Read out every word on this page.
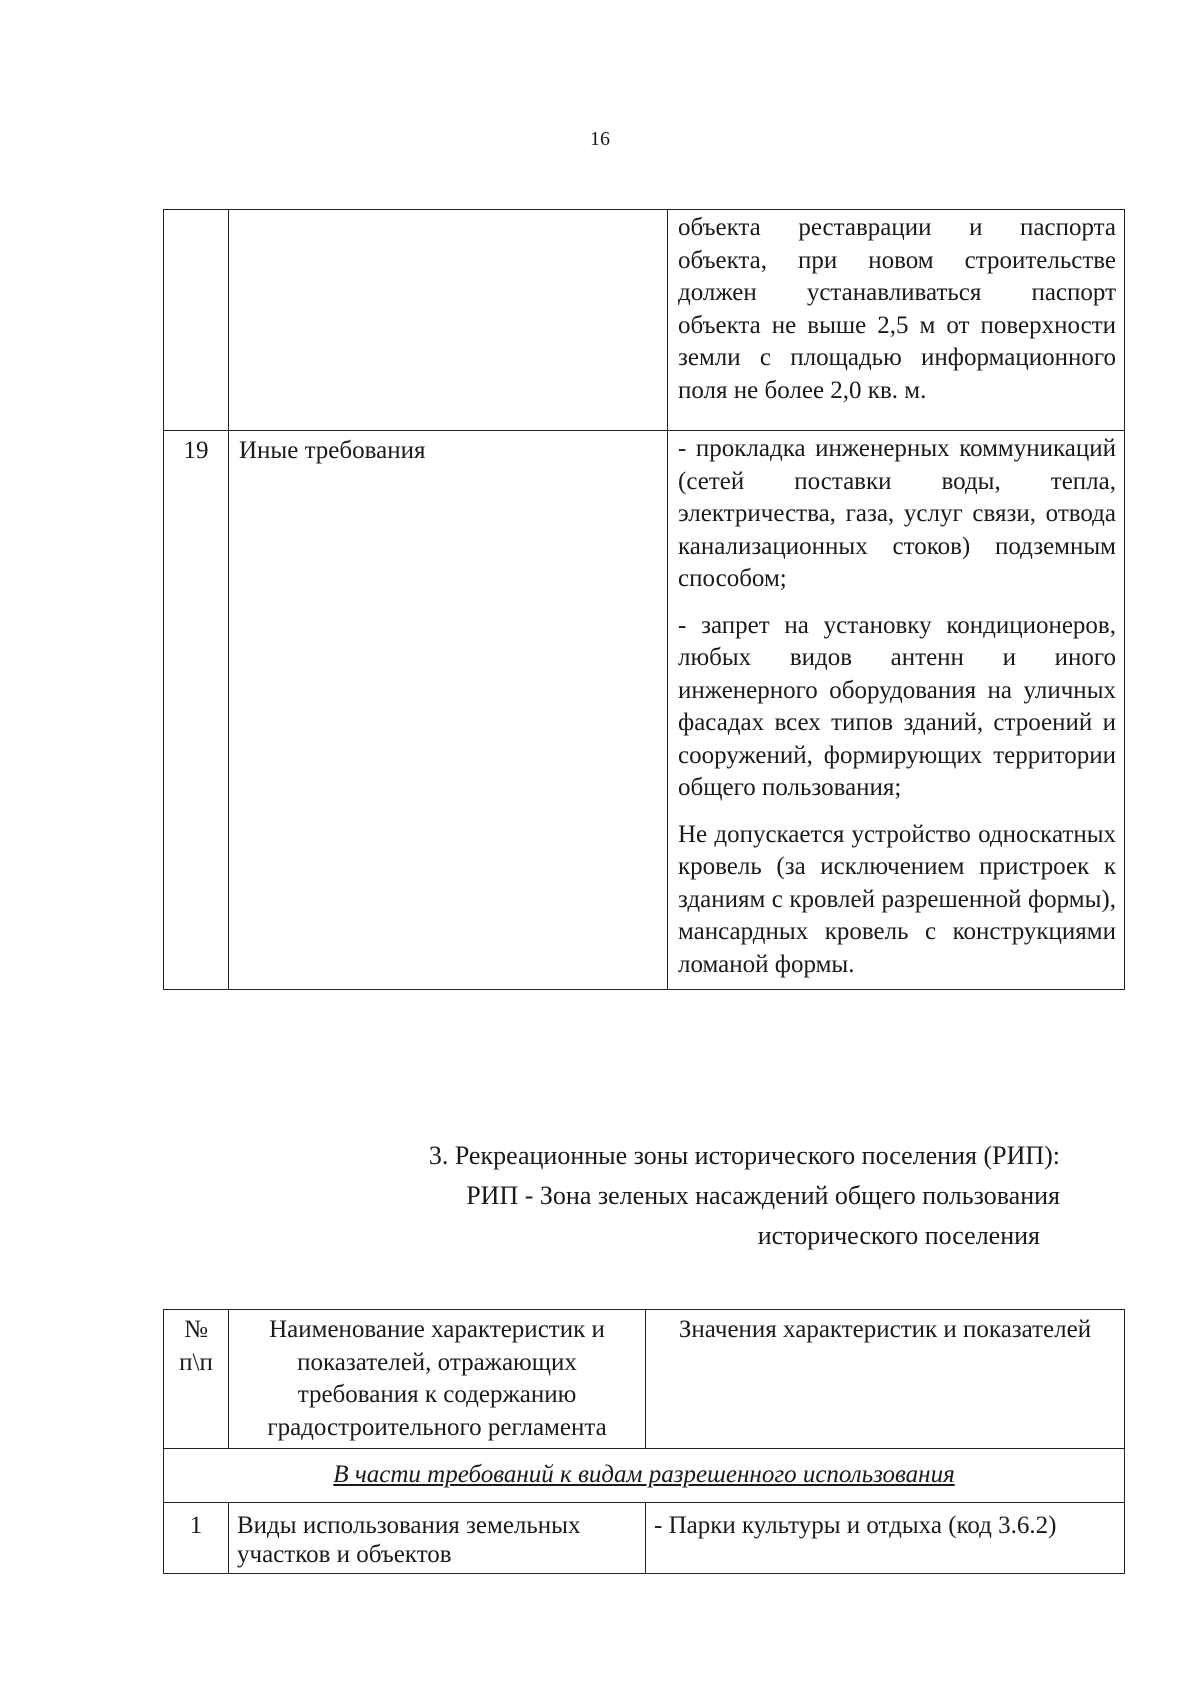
16

		объекта реставрации и паспорта объекта, при новом строительстве должен устанавливаться паспорт объекта не выше 2,5 м от поверхности земли с площадью информационного поля не более 2,0 кв. м.

19	Иные требования	- прокладка инженерных коммуникаций (сетей поставки воды, тепла, электричества, газа, услуг связи, отвода канализационных стоков) подземным способом;

- запрет на установку кондиционеров, любых видов антенн и иного инженерного оборудования на уличных фасадах всех типов зданий, строений и сооружений, формирующих территории общего пользования;

Не допускается устройство односкатных кровель (за исключением пристроек к зданиям с кровлей разрешенной формы), мансардных кровель с конструкциями ломаной формы.

3. Рекреационные зоны исторического поселения (РИП):
РИП - Зона зеленых насаждений общего пользования
исторического поселения
№ п\п	Наименование характеристик и показателей, отражающих требования к содержанию градостроительного регламента	Значения характеристик и показателей
В части требований к видам разрешенного использования		
1	Виды использования земельных участков и объектов	- Парки культуры и отдыха (код 3.6.2)
